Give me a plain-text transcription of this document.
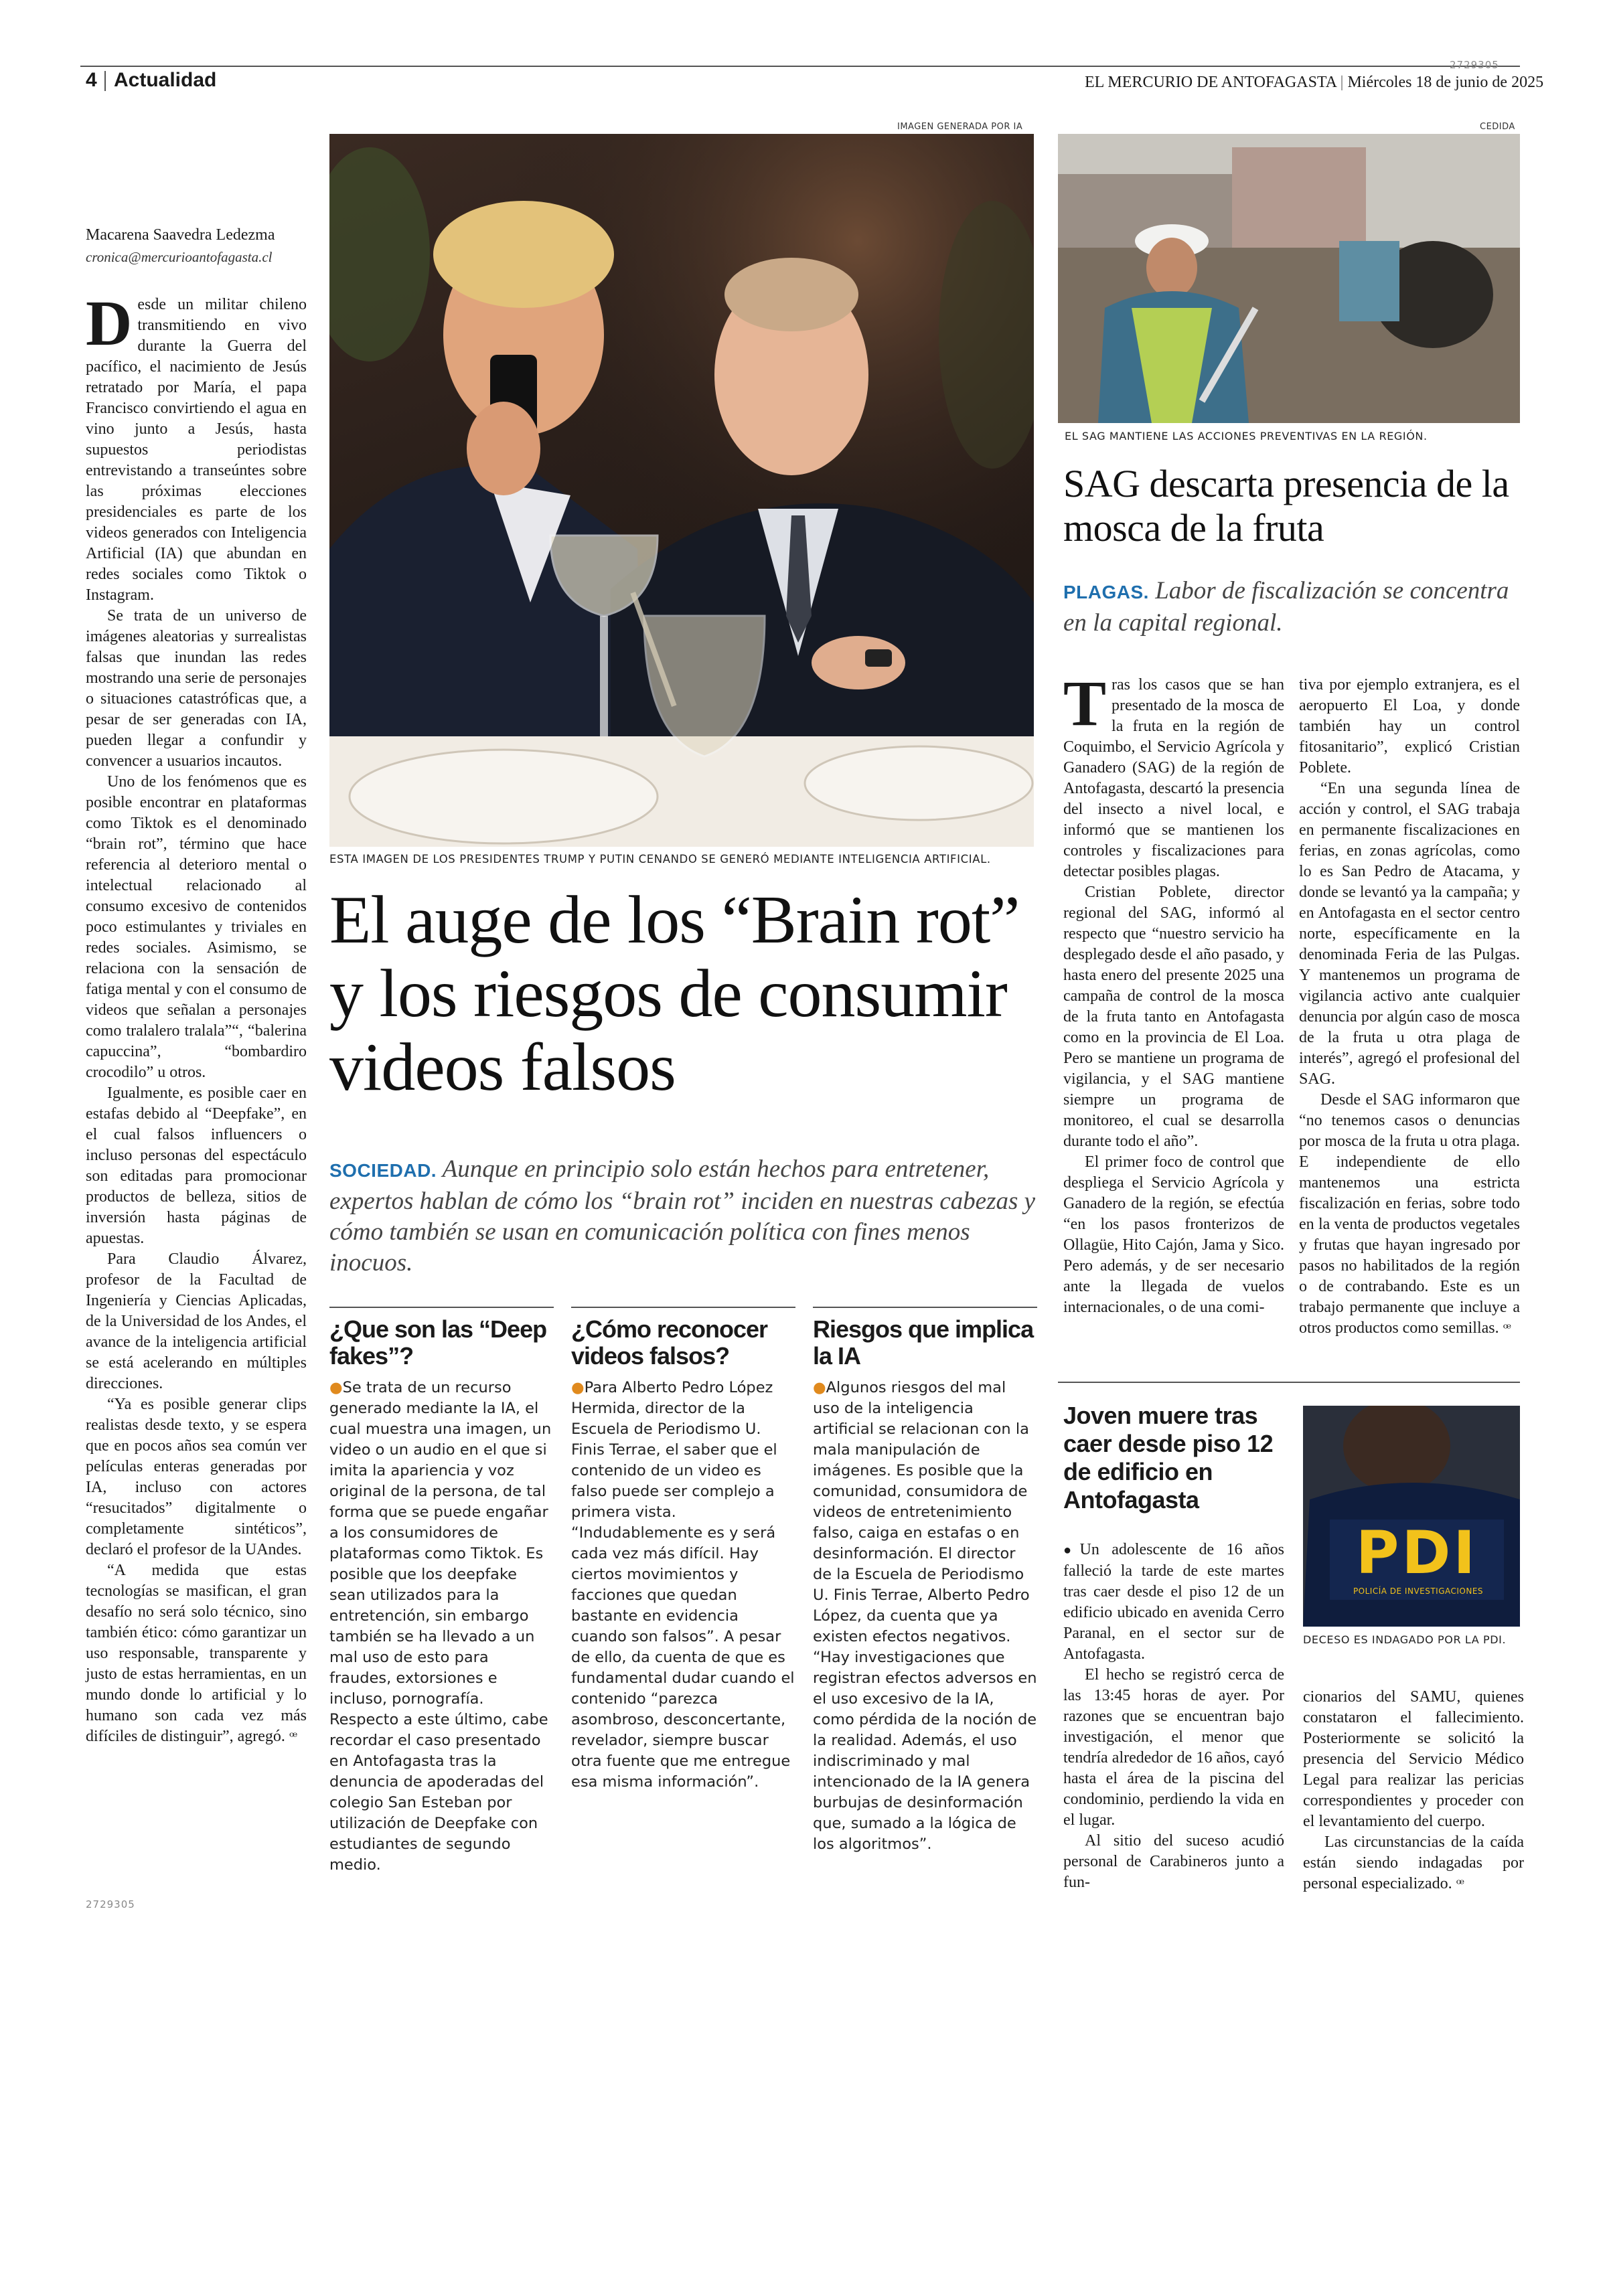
4 Actualidad
2729305
EL MERCURIO DE ANTOFAGASTA | Miércoles 18 de junio de 2025
Macarena Saavedra Ledezma
cronica@mercurioantofagasta.cl

Desde un militar chileno transmitiendo en vivo durante la Guerra del pacífico, el nacimiento de Jesús retratado por María, el papa Francisco convirtiendo el agua en vino junto a Jesús, hasta supuestos periodistas entrevistando a transeúntes sobre las próximas elecciones presidenciales es parte de los videos generados con Inteligencia Artificial (IA) que abundan en redes sociales como Tiktok o Instagram.

Se trata de un universo de imágenes aleatorias y surrealistas falsas que inundan las redes mostrando una serie de personajes o situaciones catastróficas que, a pesar de ser generadas con IA, pueden llegar a confundir y convencer a usuarios incautos.

Uno de los fenómenos que es posible encontrar en plataformas como Tiktok es el denominado “brain rot”, término que hace referencia al deterioro mental o intelectual relacionado al consumo excesivo de contenidos poco estimulantes y triviales en redes sociales. Asimismo, se relaciona con la sensación de fatiga mental y con el consumo de videos que señalan a personajes como tralalero tralala”“, “balerina capuccina”, “bombardiro crocodilo” u otros.

Igualmente, es posible caer en estafas debido al “Deepfake”, en el cual falsos influencers o incluso personas del espectáculo son editadas para promocionar productos de belleza, sitios de inversión hasta páginas de apuestas.

Para Claudio Álvarez, profesor de la Facultad de Ingeniería y Ciencias Aplicadas, de la Universidad de los Andes, el avance de la inteligencia artificial se está acelerando en múltiples direcciones.

“Ya es posible generar clips realistas desde texto, y se espera que en pocos años sea común ver películas enteras generadas por IA, incluso con actores “resucitados” digitalmente o completamente sintéticos”, declaró el profesor de la UAndes.

“A medida que estas tecnologías se masifican, el gran desafío no será solo técnico, sino también ético: cómo garantizar un uso responsable, transparente y justo de estas herramientas, en un mundo donde lo artificial y lo humano son cada vez más difíciles de distinguir”, agregó. ꟹ

2729305
IMAGEN GENERADA POR IA
ESTA IMAGEN DE LOS PRESIDENTES TRUMP Y PUTIN CENANDO SE GENERÓ MEDIANTE INTELIGENCIA ARTIFICIAL.
El auge de los “Brain rot” y los riesgos de consumir videos falsos
SOCIEDAD. Aunque en principio solo están hechos para entretener, expertos hablan de cómo los “brain rot” inciden en nuestras cabezas y cómo también se usan en comunicación política con fines menos inocuos.
¿Que son las “Deep fakes”?

●Se trata de un recurso generado mediante la IA, el cual muestra una imagen, un video o un audio en el que si imita la apariencia y voz original de la persona, de tal forma que se puede engañar a los consumidores de plataformas como Tiktok. Es posible que los deepfake sean utilizados para la entretención, sin embargo también se ha llevado a un mal uso de esto para fraudes, extorsiones e incluso, pornografía. Respecto a este último, cabe recordar el caso presentado en Antofagasta tras la denuncia de apoderadas del colegio San Esteban por utilización de Deepfake con estudiantes de segundo medio.

¿Cómo reconocer videos falsos?

●Para Alberto Pedro López Hermida, director de la Escuela de Periodismo U. Finis Terrae, el saber que el contenido de un video es falso puede ser complejo a primera vista. “Indudablemente es y será cada vez más difícil. Hay ciertos movimientos y facciones que quedan bastante en evidencia cuando son falsos”. A pesar de ello, da cuenta de que es fundamental dudar cuando el contenido “parezca asombroso, desconcertante, revelador, siempre buscar otra fuente que me entregue esa misma información”.

Riesgos que implica la IA

●Algunos riesgos del mal uso de la inteligencia artificial se relacionan con la mala manipulación de imágenes. Es posible que la comunidad, consumidora de videos de entretenimiento falso, caiga en estafas o en desinformación. El director de la Escuela de Periodismo U. Finis Terrae, Alberto Pedro López, da cuenta que ya existen efectos negativos. “Hay investigaciones que registran efectos adversos en el uso excesivo de la IA, como pérdida de la noción de la realidad. Además, el uso indiscriminado y mal intencionado de la IA genera burbujas de desinformación que, sumado a la lógica de los algoritmos”.

CEDIDA
EL SAG MANTIENE LAS ACCIONES PREVENTIVAS EN LA REGIÓN.
SAG descarta presencia de la mosca de la fruta
PLAGAS. Labor de fiscalización se concentra en la capital regional.

Tras los casos que se han presentado de la mosca de la fruta en la región de Coquimbo, el Servicio Agrícola y Ganadero (SAG) de la región de Antofagasta, descartó la presencia del insecto a nivel local, e informó que se mantienen los controles y fiscalizaciones para detectar posibles plagas.

Cristian Poblete, director regional del SAG, informó al respecto que “nuestro servicio ha desplegado desde el año pasado, y hasta enero del presente 2025 una campaña de control de la mosca de la fruta tanto en Antofagasta como en la provincia de El Loa. Pero se mantiene un programa de vigilancia, y el SAG mantiene siempre un programa de monitoreo, el cual se desarrolla durante todo el año”.

El primer foco de control que despliega el Servicio Agrícola y Ganadero de la región, se efectúa “en los pasos fronterizos de Ollagüe, Hito Cajón, Jama y Sico. Pero además, y de ser necesario ante la llegada de vuelos internacionales, o de una comi-

tiva por ejemplo extranjera, es el aeropuerto El Loa, y donde también hay un control fitosanitario”, explicó Cristian Poblete.

“En una segunda línea de acción y control, el SAG trabaja en permanente fiscalizaciones en ferias, en zonas agrícolas, como lo es San Pedro de Atacama, y donde se levantó ya la campaña; y en Antofagasta en el sector centro norte, específicamente en la denominada Feria de las Pulgas. Y mantenemos un programa de vigilancia activo ante cualquier denuncia por algún caso de mosca de la fruta u otra plaga de interés”, agregó el profesional del SAG.

Desde el SAG informaron que “no tenemos casos o denuncias por mosca de la fruta u otra plaga. E independiente de ello mantenemos una estricta fiscalización en ferias, sobre todo en la venta de productos vegetales y frutas que hayan ingresado por pasos no habilitados de la región o de contrabando. Este es un trabajo permanente que incluye a otros productos como semillas. ꟹ

Joven muere tras caer desde piso 12 de edificio en Antofagasta
PDI
POLICÍA DE INVESTIGACIONES
DECESO ES INDAGADO POR LA PDI.

●Un adolescente de 16 años falleció la tarde de este martes tras caer desde el piso 12 de un edificio ubicado en avenida Cerro Paranal, en el sector sur de Antofagasta.

El hecho se registró cerca de las 13:45 horas de ayer. Por razones que se encuentran bajo investigación, el menor que tendría alrededor de 16 años, cayó hasta el área de la piscina del condominio, perdiendo la vida en el lugar.

Al sitio del suceso acudió personal de Carabineros junto a fun-

cionarios del SAMU, quienes constataron el fallecimiento. Posteriormente se solicitó la presencia del Servicio Médico Legal para realizar las pericias correspondientes y proceder con el levantamiento del cuerpo.

Las circunstancias de la caída están siendo indagadas por personal especializado. ꟹ
